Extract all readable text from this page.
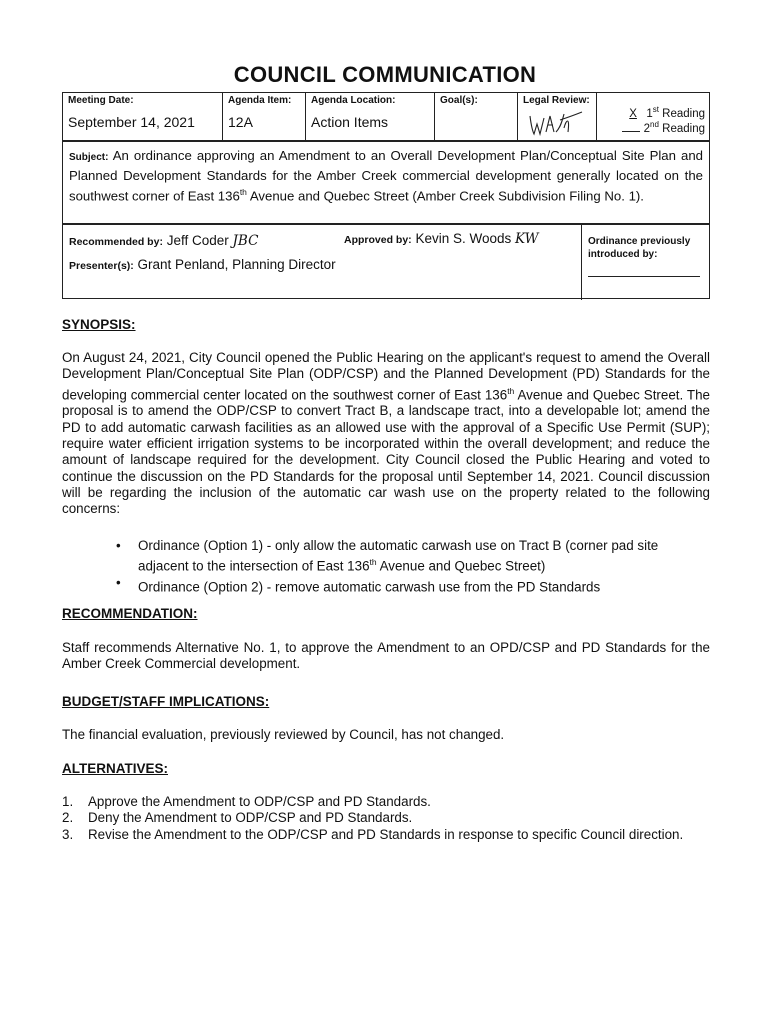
COUNCIL COMMUNICATION
Meeting Date:
September 14, 2021
Agenda Item:
12A
Agenda Location:
Action Items
Goal(s):	Legal Review:
X 1st Reading
2nd Reading
Subject: An ordinance approving an Amendment to an Overall Development Plan/Conceptual Site Plan and Planned Development Standards for the Amber Creek commercial development generally located on the southwest corner of East 136th Avenue and Quebec Street (Amber Creek Subdivision Filing No. 1).
Recommended by: Jeff Coder JBC	Approved by: Kevin S. Woods KW
Presenter(s): Grant Penland, Planning Director
Ordinance previously introduced by:
SYNOPSIS:
On August 24, 2021, City Council opened the Public Hearing on the applicant's request to amend the Overall Development Plan/Conceptual Site Plan (ODP/CSP) and the Planned Development (PD) Standards for the developing commercial center located on the southwest corner of East 136th Avenue and Quebec Street. The proposal is to amend the ODP/CSP to convert Tract B, a landscape tract, into a developable lot; amend the PD to add automatic carwash facilities as an allowed use with the approval of a Specific Use Permit (SUP); require water efficient irrigation systems to be incorporated within the overall development; and reduce the amount of landscape required for the development. City Council closed the Public Hearing and voted to continue the discussion on the PD Standards for the proposal until September 14, 2021. Council discussion will be regarding the inclusion of the automatic car wash use on the property related to the following concerns:
• Ordinance (Option 1) - only allow the automatic carwash use on Tract B (corner pad site adjacent to the intersection of East 136th Avenue and Quebec Street)
• Ordinance (Option 2) - remove automatic carwash use from the PD Standards
RECOMMENDATION:
Staff recommends Alternative No. 1, to approve the Amendment to an OPD/CSP and PD Standards for the Amber Creek Commercial development.
BUDGET/STAFF IMPLICATIONS:
The financial evaluation, previously reviewed by Council, has not changed.
ALTERNATIVES:
1. Approve the Amendment to ODP/CSP and PD Standards.
2. Deny the Amendment to ODP/CSP and PD Standards.
3. Revise the Amendment to the ODP/CSP and PD Standards in response to specific Council direction.
